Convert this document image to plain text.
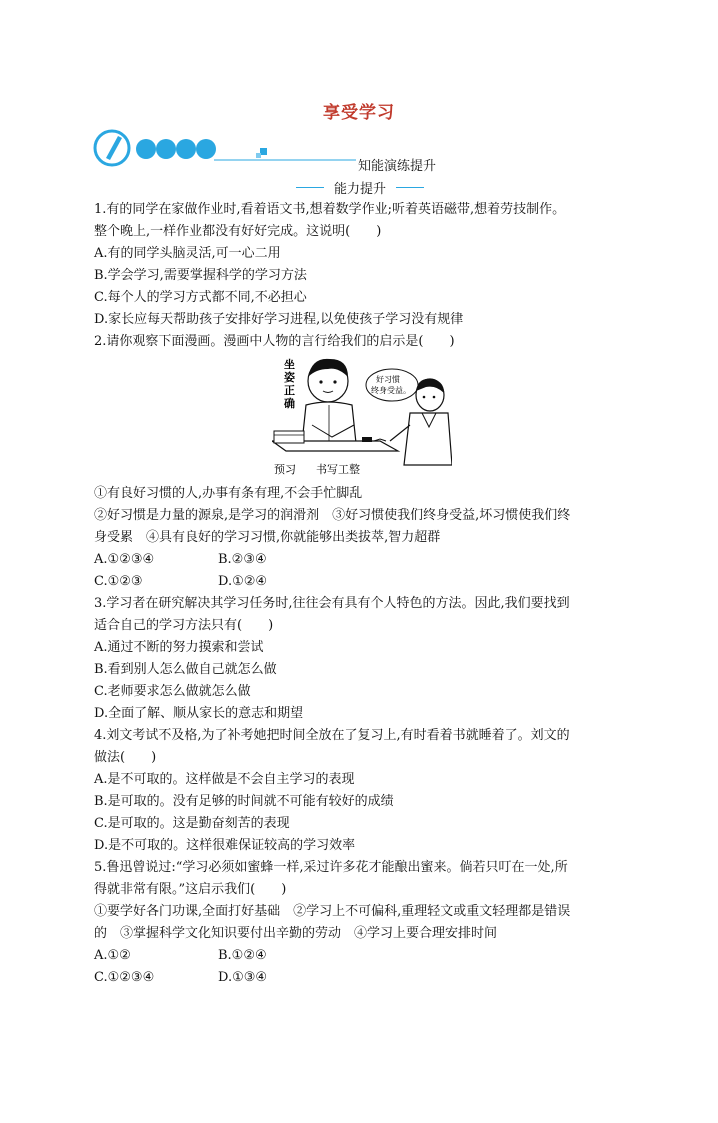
享受学习
知能演练提升
能力提升
1.有的同学在家做作业时,看着语文书,想着数学作业;听着英语磁带,想着劳技制作。
整个晚上,一样作业都没有好好完成。这说明(　　)
A.有的同学头脑灵活,可一心二用
B.学会学习,需要掌握科学的学习方法
C.每个人的学习方式都不同,不必担心
D.家长应每天帮助孩子安排好学习进程,以免使孩子学习没有规律
2.请你观察下面漫画。漫画中人物的言行给我们的启示是(　　)
坐
姿
正
确
好习惯
终身受益。
预习 书写工整
①有良好习惯的人,办事有条有理,不会手忙脚乱
②好习惯是力量的源泉,是学习的润滑剂　③好习惯使我们终身受益,坏习惯使我们终
身受累　④具有良好的学习习惯,你就能够出类拔萃,智力超群
A.①②③④	B.②③④
C.①②③	D.①②④
3.学习者在研究解决其学习任务时,往往会有具有个人特色的方法。因此,我们要找到
适合自己的学习方法只有(　　)
A.通过不断的努力摸索和尝试
B.看到别人怎么做自己就怎么做
C.老师要求怎么做就怎么做
D.全面了解、顺从家长的意志和期望
4.刘文考试不及格,为了补考她把时间全放在了复习上,有时看着书就睡着了。刘文的
做法(　　)
A.是不可取的。这样做是不会自主学习的表现
B.是可取的。没有足够的时间就不可能有较好的成绩
C.是可取的。这是勤奋刻苦的表现
D.是不可取的。这样很难保证较高的学习效率
5.鲁迅曾说过:“学习必须如蜜蜂一样,采过许多花才能酿出蜜来。倘若只叮在一处,所
得就非常有限。”这启示我们(　　)
①要学好各门功课,全面打好基础　②学习上不可偏科,重理轻文或重文轻理都是错误
的　③掌握科学文化知识要付出辛勤的劳动　④学习上要合理安排时间
A.①②	B.①②④
C.①②③④	D.①③④
